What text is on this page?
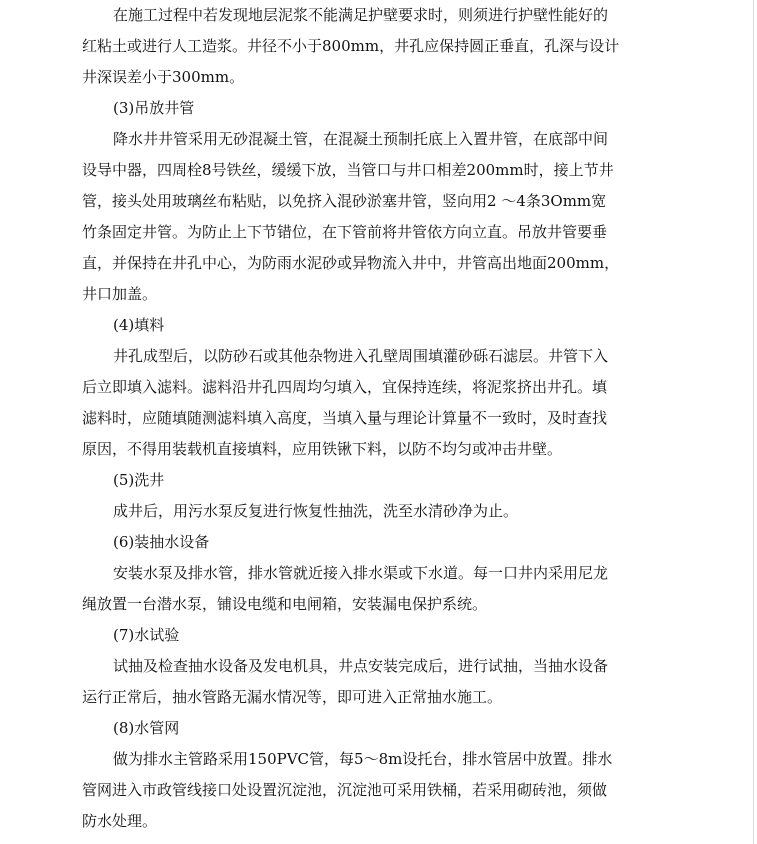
在施工过程中若发现地层泥浆不能满足护壁要求时，则须进行护壁性能好的
红粘土或进行人工造浆。井径不小于800mm，井孔应保持圆正垂直，孔深与设计
井深误差小于300mm。
(3)吊放井管
降水井井管采用无砂混凝土管，在混凝土预制托底上入置井管，在底部中间
设导中器，四周栓8号铁丝，缓缓下放，当管口与井口相差200mm时，接上节井
管，接头处用玻璃丝布粘贴，以免挤入混砂淤塞井管，竖向用2 ～4条3Omm宽
竹条固定井管。为防止上下节错位，在下管前将井管依方向立直。吊放井管要垂
直，并保持在井孔中心，为防雨水泥砂或异物流入井中，井管高出地面200mm，
井口加盖。
(4)填料
井孔成型后，以防砂石或其他杂物进入孔壁周围填灌砂砾石滤层。井管下入
后立即填入滤料。滤料沿井孔四周均匀填入，宜保持连续，将泥浆挤出井孔。填
滤料时，应随填随测滤料填入高度，当填入量与理论计算量不一致时，及时查找
原因，不得用装载机直接填料，应用铁锹下料，以防不均匀或冲击井壁。
(5)洗井
成井后，用污水泵反复进行恢复性抽洗，洗至水清砂净为止。
(6)装抽水设备
安装水泵及排水管，排水管就近接入排水渠或下水道。每一口井内采用尼龙
绳放置一台潜水泵，铺设电缆和电闸箱，安装漏电保护系统。
(7)水试验
试抽及检查抽水设备及发电机具，井点安装完成后，进行试抽，当抽水设备
运行正常后，抽水管路无漏水情况等，即可进入正常抽水施工。
(8)水管网
做为排水主管路采用150PVC管，每5～8m设托台，排水管居中放置。排水
管网进入市政管线接口处设置沉淀池，沉淀池可采用铁桶，若采用砌砖池，须做
防水处理。
